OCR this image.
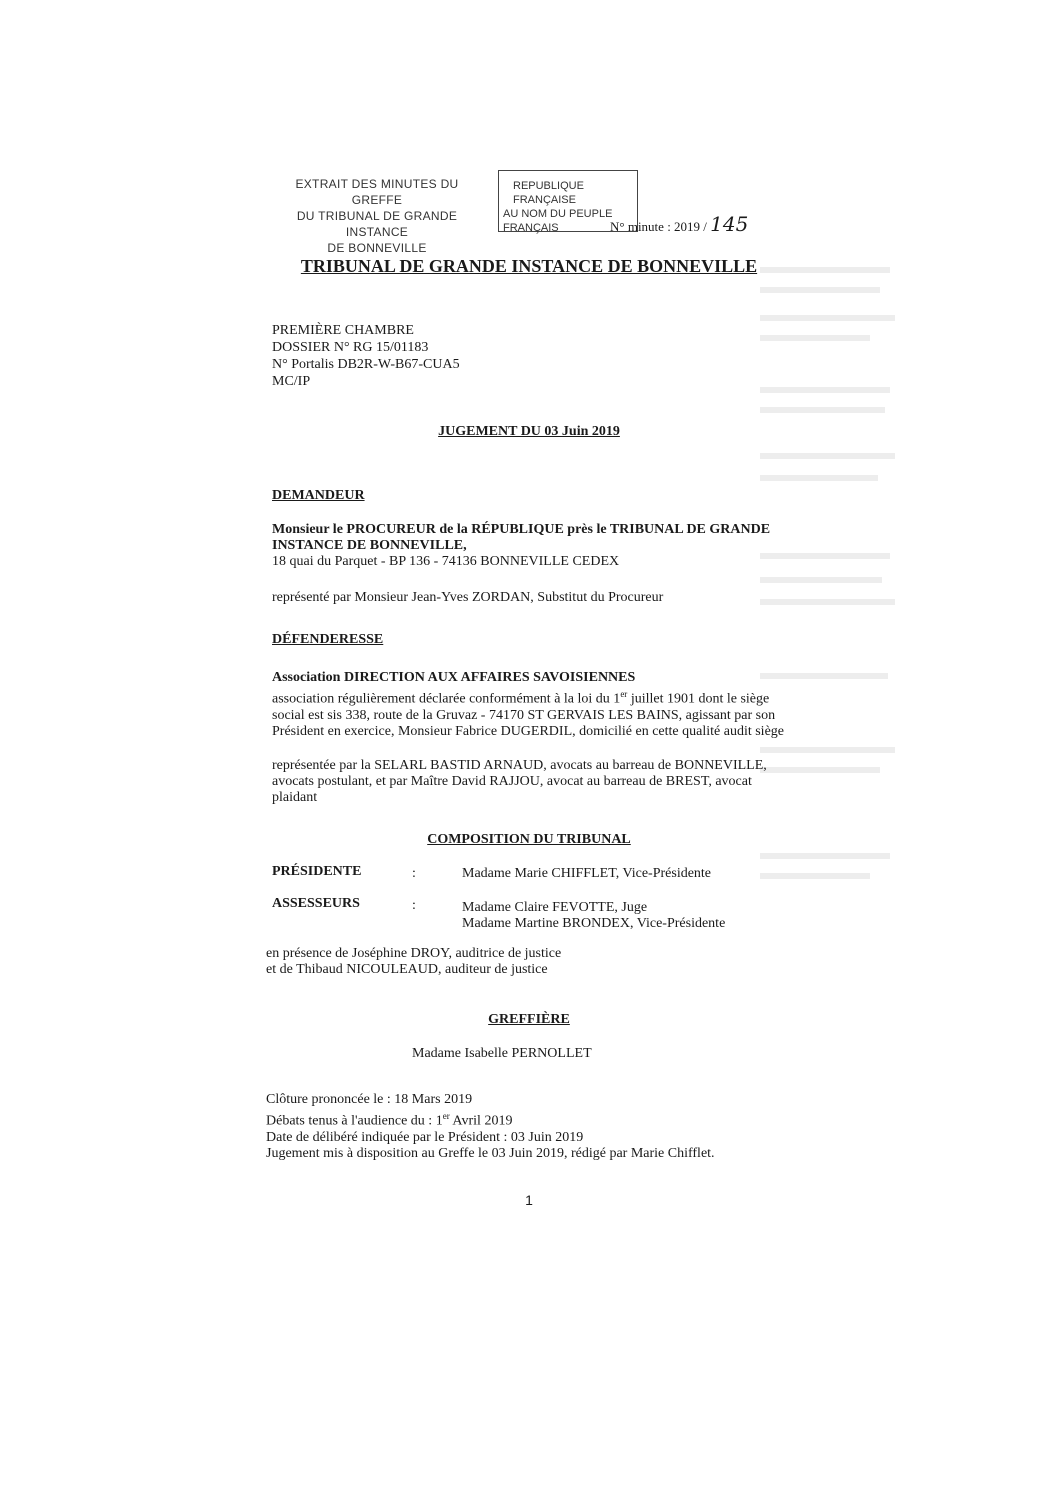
EXTRAIT DES MINUTES DU GREFFE
DU TRIBUNAL DE GRANDE INSTANCE
DE BONNEVILLE
REPUBLIQUE FRANÇAISE
AU NOM DU PEUPLE FRANÇAIS	N° minute : 2019 / 145
TRIBUNAL DE GRANDE INSTANCE DE BONNEVILLE
PREMIÈRE CHAMBRE
DOSSIER N° RG 15/01183
N° Portalis DB2R-W-B67-CUA5
MC/IP
JUGEMENT DU 03 Juin 2019
DEMANDEUR
Monsieur le PROCUREUR de la RÉPUBLIQUE près le TRIBUNAL DE GRANDE
INSTANCE DE BONNEVILLE,
18 quai du Parquet - BP 136 - 74136 BONNEVILLE CEDEX
représenté par Monsieur Jean-Yves ZORDAN, Substitut du Procureur
DÉFENDERESSE
Association DIRECTION AUX AFFAIRES SAVOISIENNES
association régulièrement déclarée conformément à la loi du 1er juillet 1901 dont le siège
social est sis 338, route de la Gruvaz - 74170 ST GERVAIS LES BAINS, agissant par son
Président en exercice, Monsieur Fabrice DUGERDIL, domicilié en cette qualité audit siège
représentée par la SELARL BASTID ARNAUD, avocats au barreau de BONNEVILLE,
avocats postulant, et par Maître David RAJJOU, avocat au barreau de BREST, avocat
plaidant
COMPOSITION DU TRIBUNAL
PRÉSIDENTE	:	Madame Marie CHIFFLET, Vice-Présidente
ASSESSEURS	:	Madame Claire FEVOTTE, Juge
Madame Martine BRONDEX, Vice-Présidente
en présence de Joséphine DROY, auditrice de justice
et de Thibaud NICOULEAUD, auditeur de justice
GREFFIÈRE
Madame Isabelle PERNOLLET
Clôture prononcée le : 18 Mars 2019
Débats tenus à l'audience du : 1er Avril 2019
Date de délibéré indiquée par le Président : 03 Juin 2019
Jugement mis à disposition au Greffe le 03 Juin 2019, rédigé par Marie Chifflet.
1
